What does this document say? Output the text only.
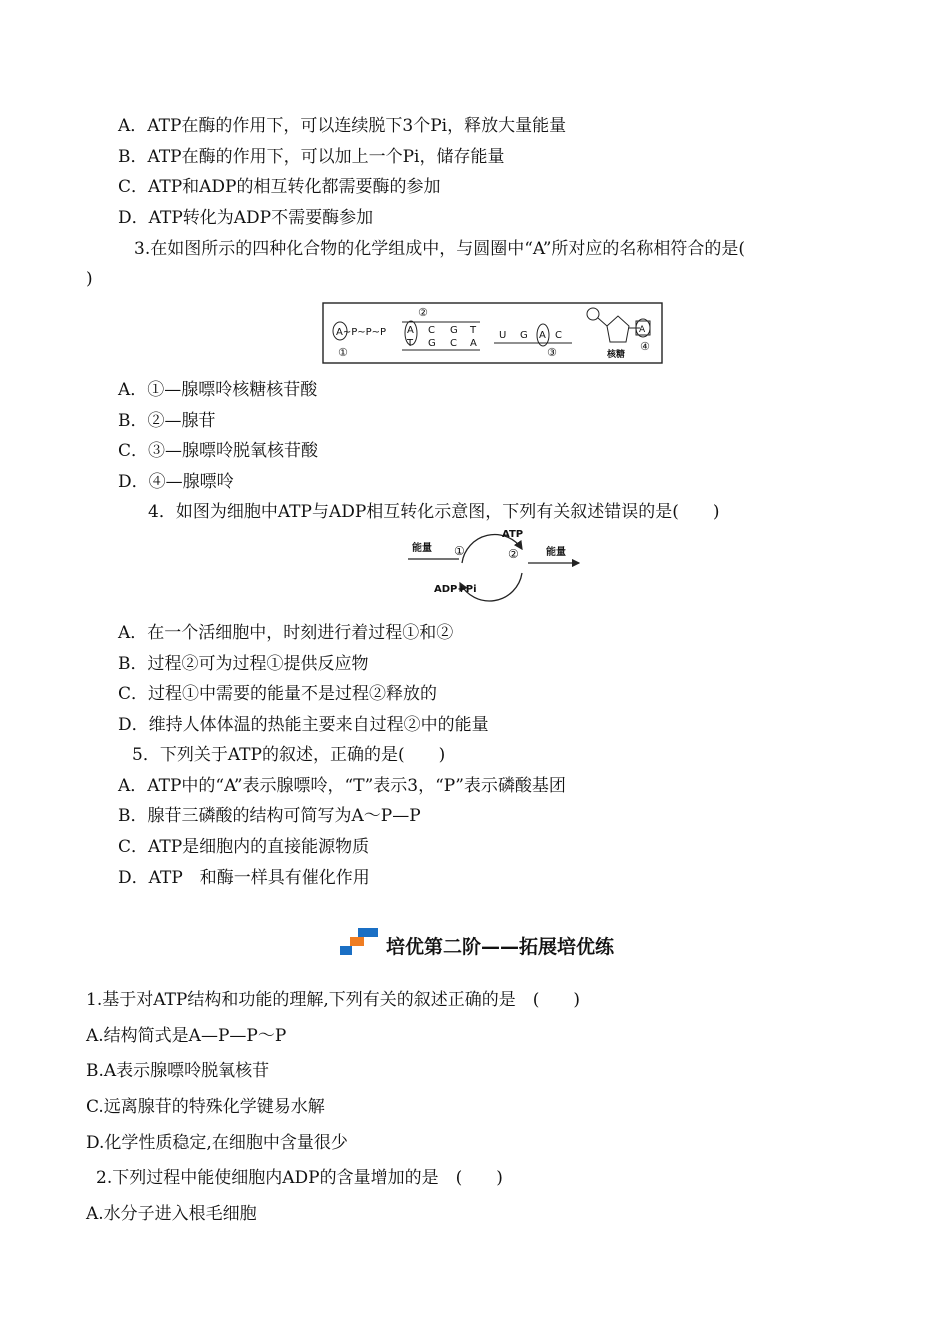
A．ATP在酶的作用下，可以连续脱下3个Pi，释放大量能量
B．ATP在酶的作用下，可以加上一个Pi，储存能量
C．ATP和ADP的相互转化都需要酶的参加
D．ATP转化为ADP不需要酶参加
3.在如图所示的四种化合物的化学组成中，与圆圈中“A”所对应的名称相符合的是(
)
A~P~P~P
①
②
A C G T
T G C A
U G A C
③
A
核糖
④
A．①—腺嘌呤核糖核苷酸
B．②—腺苷
C．③—腺嘌呤脱氧核苷酸
D．④—腺嘌呤
4．如图为细胞中ATP与ADP相互转化示意图，下列有关叙述错误的是(　　)
能量	能量
ATP
ADP+Pi
①	②
A．在一个活细胞中，时刻进行着过程①和②
B．过程②可为过程①提供反应物
C．过程①中需要的能量不是过程②释放的
D．维持人体体温的热能主要来自过程②中的能量
5．下列关于ATP的叙述，正确的是(　　)
A．ATP中的“A”表示腺嘌呤，“T”表示3，“P”表示磷酸基团
B．腺苷三磷酸的结构可简写为A～P—P
C．ATP是细胞内的直接能源物质
D．ATP　和酶一样具有催化作用
培优第二阶——拓展培优练
1.基于对ATP结构和功能的理解,下列有关的叙述正确的是　(　　)
A.结构简式是A—P—P～P
B.A表示腺嘌呤脱氧核苷
C.远离腺苷的特殊化学键易水解
D.化学性质稳定,在细胞中含量很少
2.下列过程中能使细胞内ADP的含量增加的是　(　　)
A.水分子进入根毛细胞
